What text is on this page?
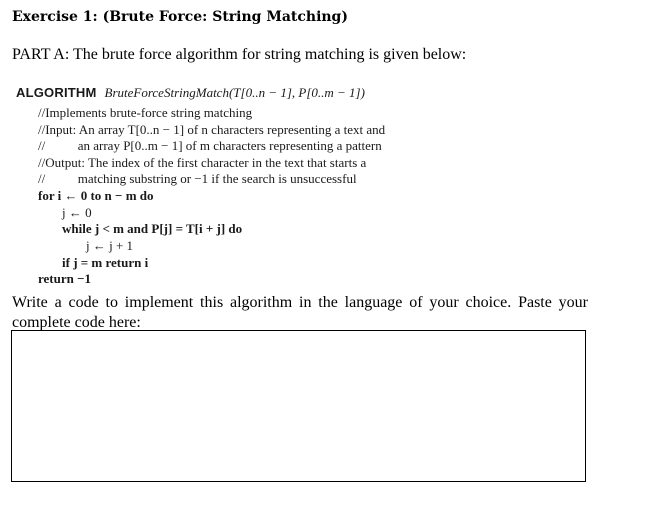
Exercise 1: (Brute Force: String Matching)
PART A: The brute force algorithm for string matching is given below:
ALGORITHM BruteForceStringMatch(T[0..n − 1], P[0..m − 1])
//Implements brute-force string matching
//Input: An array T[0..n − 1] of n characters representing a text and
//          an array P[0..m − 1] of m characters representing a pattern
//Output: The index of the first character in the text that starts a
//          matching substring or −1 if the search is unsuccessful
for i ← 0 to n − m do
j ← 0
while j < m and P[j] = T[i + j] do
j ← j + 1
if j = m return i
return −1
Write a code to implement this algorithm in the language of your choice. Paste your complete code here:
